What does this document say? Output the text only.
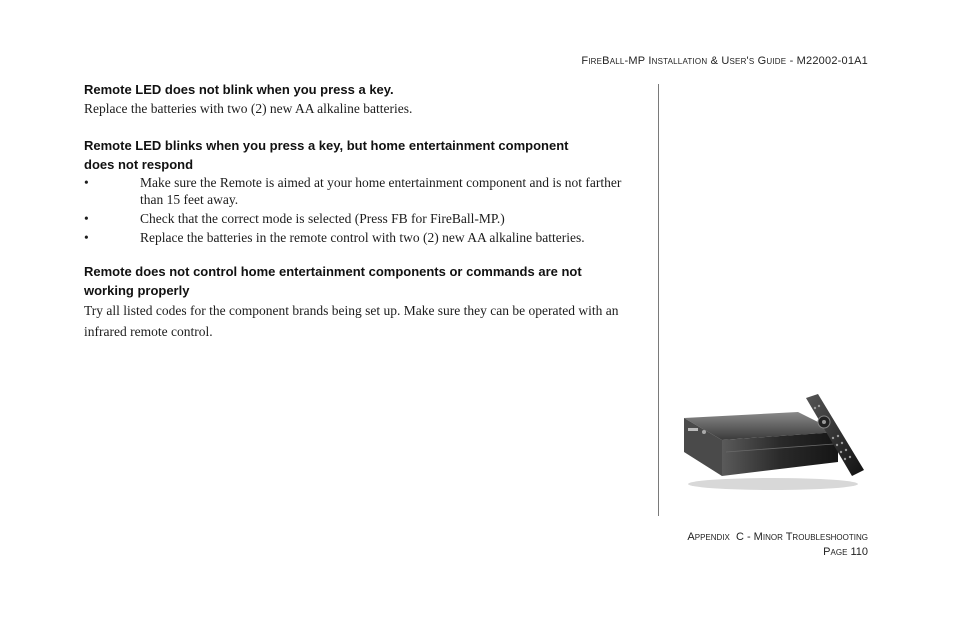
FireBall-MP Installation & User's Guide - M22002-01A1
Remote LED does not blink when you press a key.

Replace the batteries with two (2) new AA alkaline batteries.

Remote LED blinks when you press a key, but home entertainment component
does not respond
•	Make sure the Remote is aimed at your home entertainment component and is not farther than 15 feet away.
•	Check that the correct mode is selected (Press FB for FireBall-MP.)
•	Replace the batteries in the remote control with two (2) new AA alkaline batteries.
Remote does not control home entertainment components or commands are not
working properly

Try all listed codes for the component brands being set up. Make sure they can be operated with an infrared remote control.

Appendix  C - Minor Troubleshooting
Page 110
